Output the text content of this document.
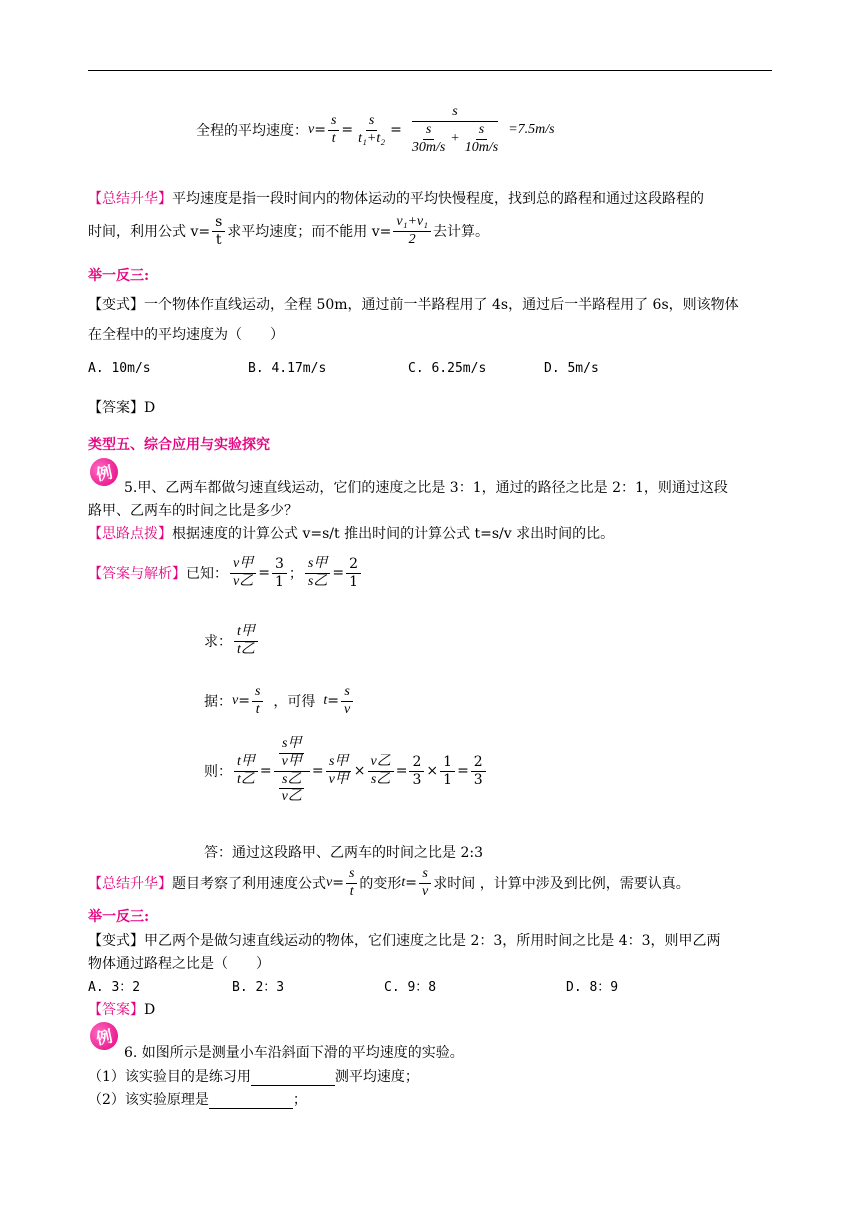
全程的平均速度： $v = \frac{s}{t} = \frac{s}{\text{t₁+t₂}} = \frac{s}{\frac{s}{30m/s} + \frac{s}{10m/s}} =7.5m/s$
【总结升华】平均速度是指一段时间内的物体运动的平均快慢程度，找到总的路程和通过这段路程的
时间，利用公式 $v= \frac{s}{t}$ 求平均速度；而不能用 $v= \frac{\text{v₁+v₁}}{2}$ 去计算。
举一反三:
【变式】一个物体作直线运动，全程 50m，通过前一半路程用了 4s，通过后一半路程用了 6s，则该物体
在全程中的平均速度为（　　）
A. 10m/s	B. 4.17m/s	C. 6.25m/s	D. 5m/s
【答案】D
类型五、综合应用与实验探究
例
5.甲、乙两车都做匀速直线运动，它们的速度之比是 3：1，通过的路径之比是 2：1，则通过这段
路甲、乙两车的时间之比是多少？
【思路点拨】根据速度的计算公式 v=s/t 推出时间的计算公式 t=s/v 求出时间的比。
【答案与解析】 已知： $\frac{\text{v甲}}{\text{v乙}} = \frac{3}{1}$ ； $\frac{\text{s甲}}{\text{s乙}} = \frac{2}{1}$
求： $\frac{\text{t甲}}{\text{t乙}}$
据： $v = \frac{s}{t}$ ，可得 $t = \frac{s}{v}$
则： $\frac{\text{t甲}}{\text{t乙}} = \frac{\frac{\text{s甲}}{\text{v甲}}}{\frac{\text{s乙}}{\text{v乙}}} = \frac{\text{s甲}}{\text{v甲}} \times \frac{\text{v乙}}{\text{s乙}} = \frac{2}{3} \times \frac{1}{1} = \frac{2}{3}$
答：通过这段路甲、乙两车的时间之比是 2:3
【总结升华】 题目考察了利用速度公式 $v = \frac{s}{t}$ 的变形 $t = \frac{s}{v}$ 求时间 ，计算中涉及到比例，需要认真。
举一反三:
【变式】甲乙两个是做匀速直线运动的物体，它们速度之比是 2：3，所用时间之比是 4：3，则甲乙两
物体通过路程之比是（　　）
A. 3：2	B. 2：3	C. 9：8	D. 8：9
【答案】D
例
6. 如图所示是测量小车沿斜面下滑的平均速度的实验。
（1）该实验目的是练习用	测平均速度；
（2）该实验原理是	；
